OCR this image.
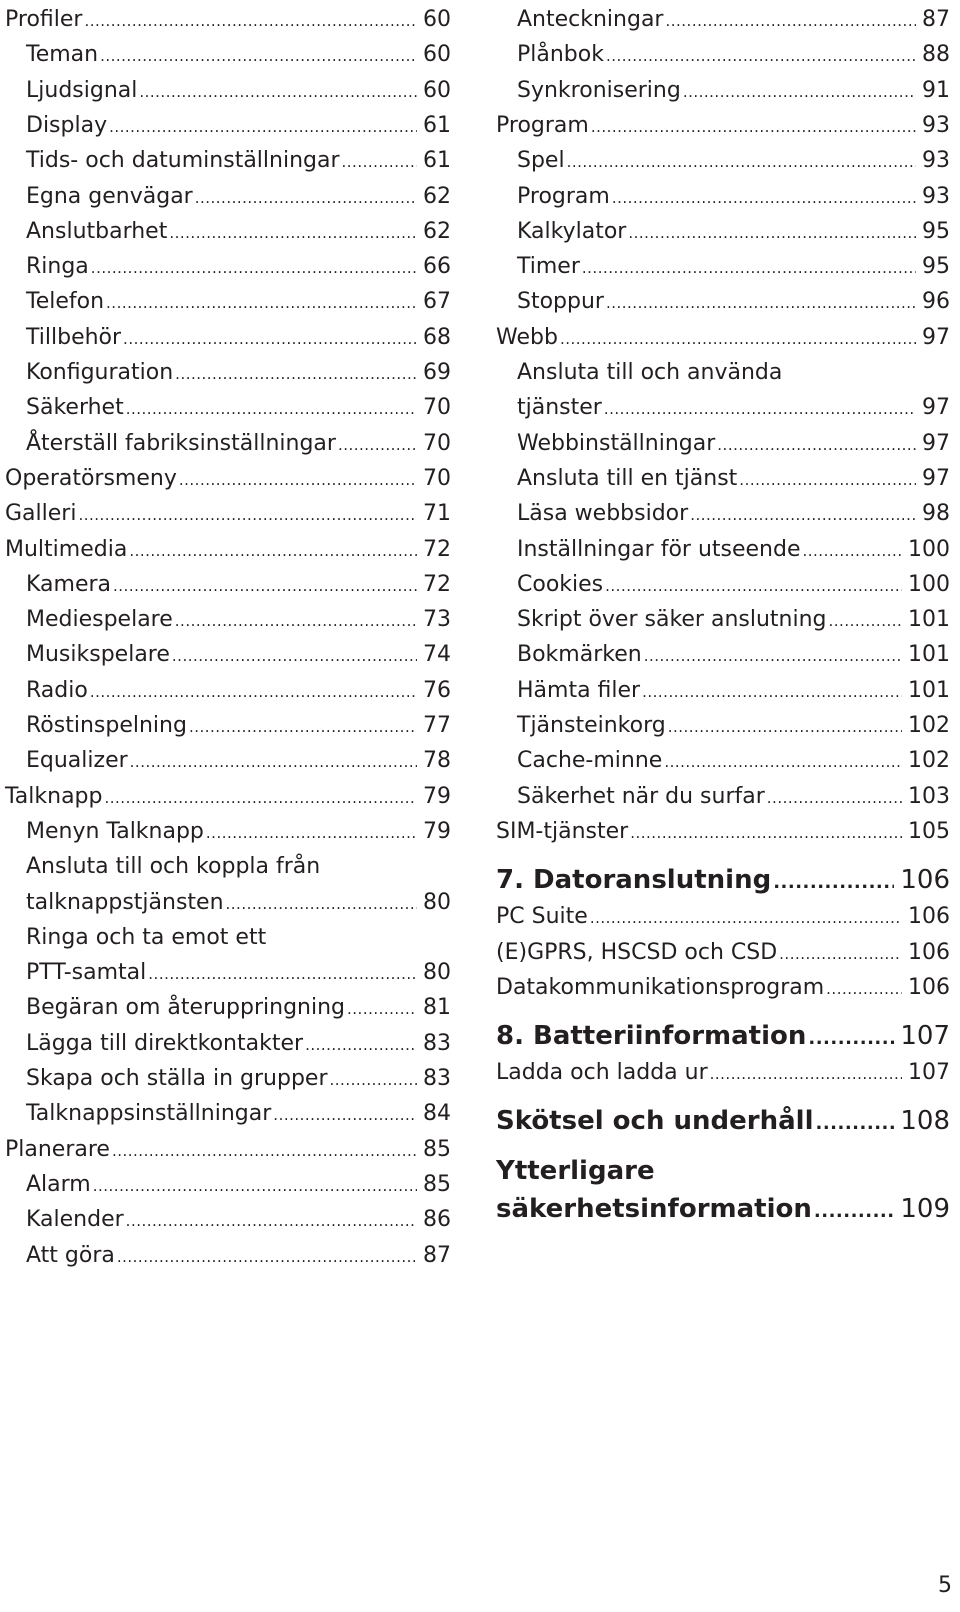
Profiler .....	60
Teman .....	60
Ljudsignal .....	60
Display .....	61
Tids- och datuminställningar .....	61
Egna genvägar .....	62
Anslutbarhet .....	62
Ringa .....	66
Telefon .....	67
Tillbehör .....	68
Konfiguration .....	69
Säkerhet .....	70
Återställ fabriksinställningar .....	70
Operatörsmeny .....	70
Galleri .....	71
Multimedia .....	72
Kamera .....	72
Mediespelare .....	73
Musikspelare .....	74
Radio .....	76
Röstinspelning .....	77
Equalizer .....	78
Talknapp .....	79
Menyn Talknapp .....	79
Ansluta till och koppla från
talknappstjänsten .....	80
Ringa och ta emot ett
PTT-samtal .....	80
Begäran om återuppringning .....	81
Lägga till direktkontakter .....	83
Skapa och ställa in grupper .....	83
Talknappsinställningar .....	84
Planerare .....	85
Alarm .....	85
Kalender .....	86
Att göra .....	87
Anteckningar .....	87
Plånbok .....	88
Synkronisering .....	91
Program .....	93
Spel .....	93
Program .....	93
Kalkylator .....	95
Timer .....	95
Stoppur .....	96
Webb .....	97
Ansluta till och använda
tjänster .....	97
Webbinställningar .....	97
Ansluta till en tjänst .....	97
Läsa webbsidor .....	98
Inställningar för utseende .....	100
Cookies .....	100
Skript över säker anslutning .....	101
Bokmärken .....	101
Hämta filer .....	101
Tjänsteinkorg .....	102
Cache-minne .....	102
Säkerhet när du surfar .....	103
SIM-tjänster .....	105
7. Datoranslutning .....	106
PC Suite .....	106
(E)GPRS, HSCSD och CSD .....	106
Datakommunikationsprogram .....	106
8. Batteriinformation .....	107
Ladda och ladda ur .....	107
Skötsel och underhåll .....	108
Ytterligare
säkerhetsinformation .....	109
5
